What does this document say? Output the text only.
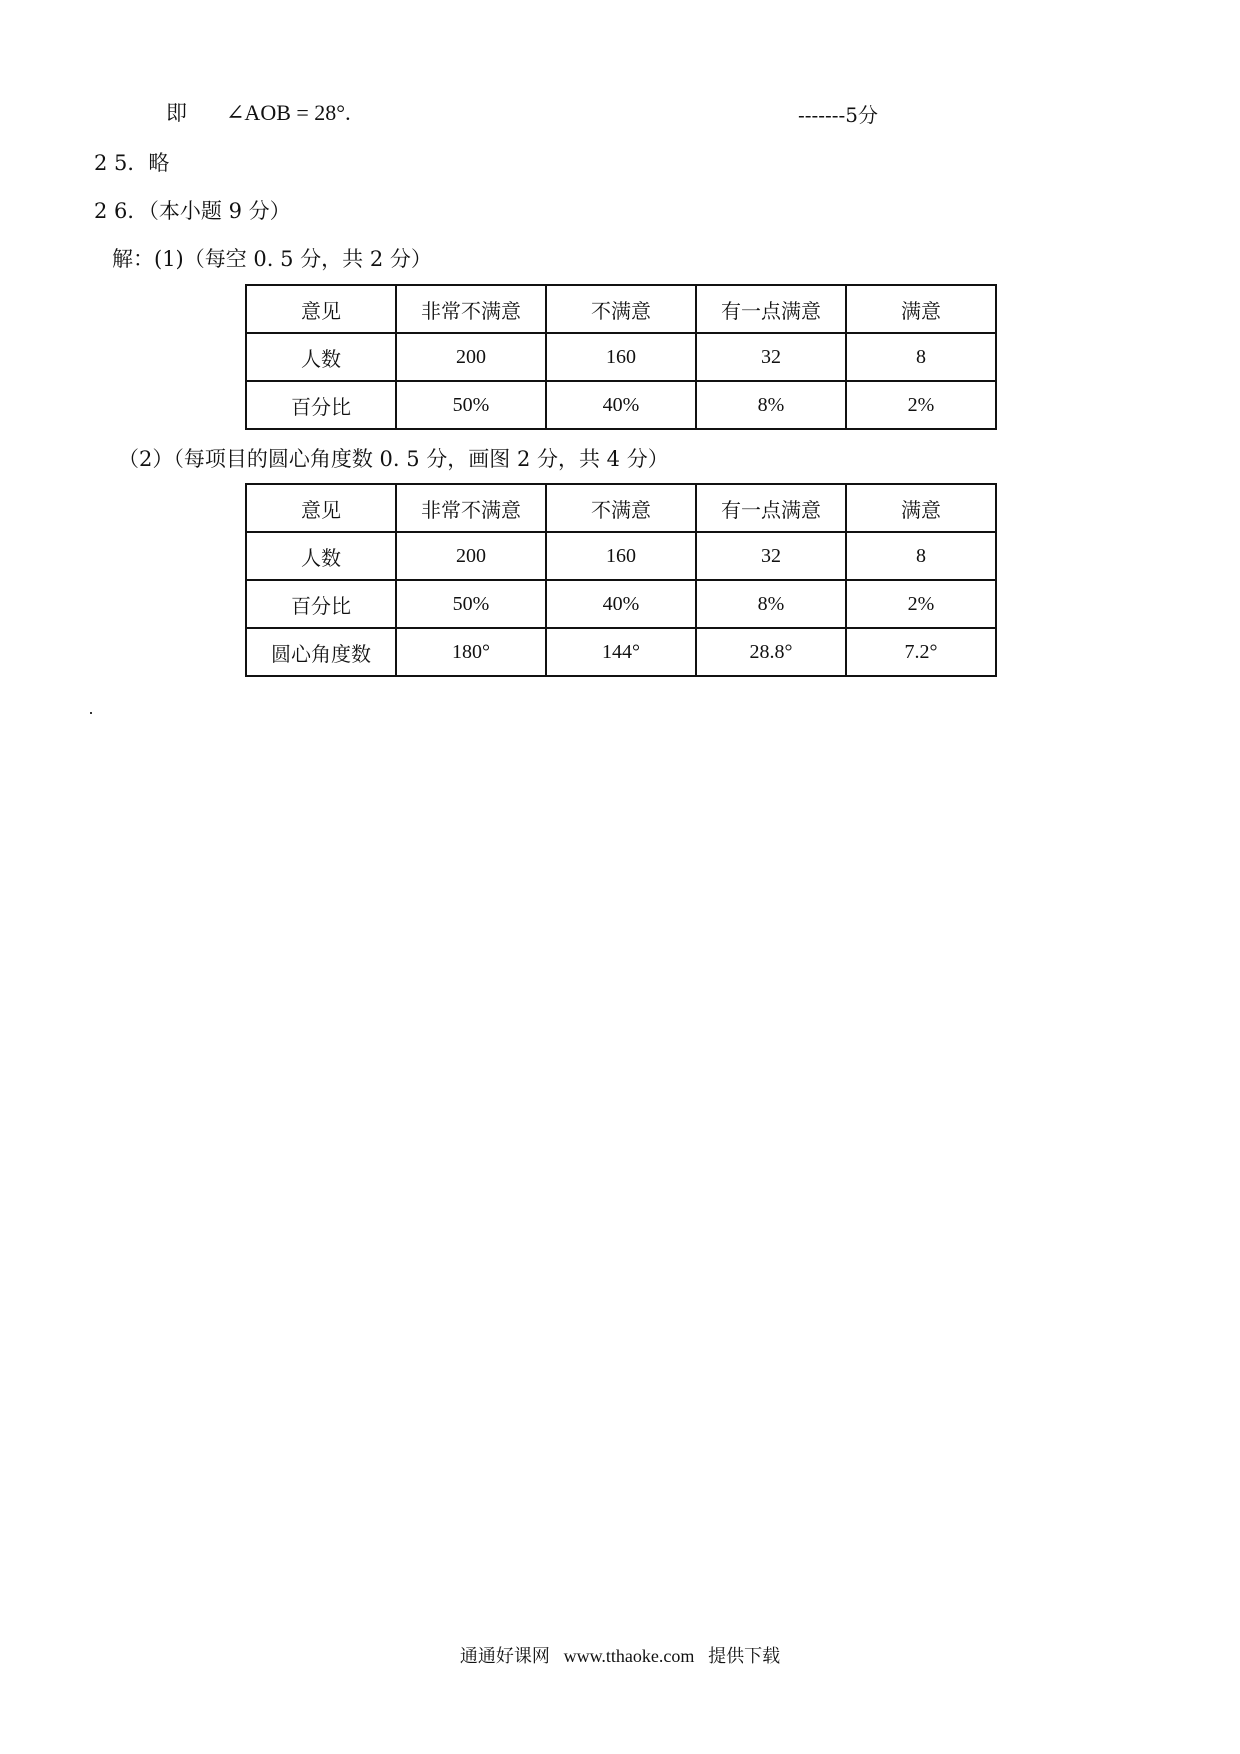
即 ∠AOB = 28°.	-------5分
2 5．略
2 6．（本小题 9 分）
解：(1)（每空 0. 5 分，共 2 分）
意见	非常不满意	不满意	有一点满意	满意
人数	200	160	32	8
百分比	50%	40%	8%	2%
（2）（每项目的圆心角度数 0. 5 分，画图 2 分，共 4 分）
意见	非常不满意	不满意	有一点满意	满意
人数	200	160	32	8
百分比	50%	40%	8%	2%
圆心角度数	180°	144°	28.8°	7.2°
通通好课网 www.tthaoke.com 提供下载
